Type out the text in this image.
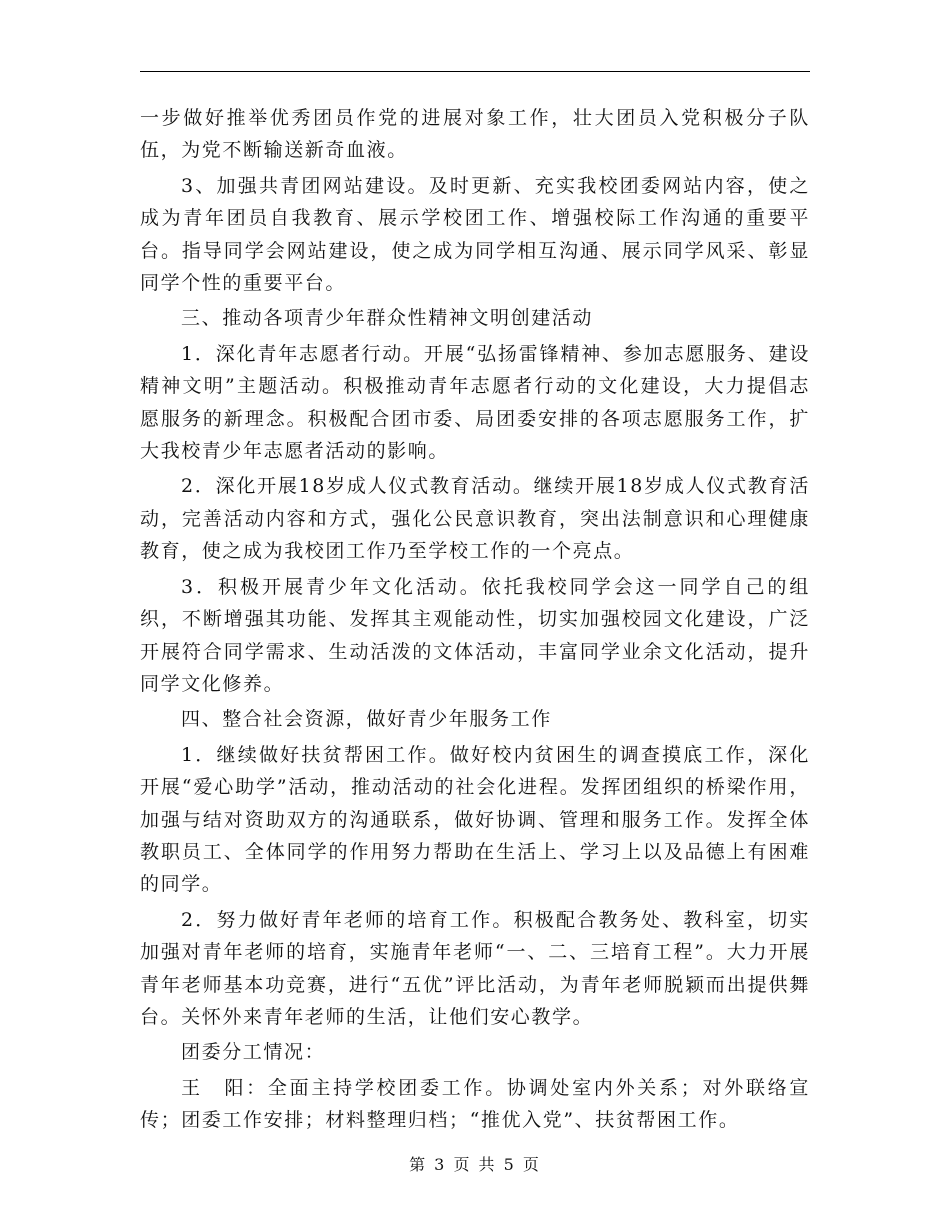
一步做好推举优秀团员作党的进展对象工作，壮大团员入党积极分子队伍，为党不断输送新奇血液。

3、加强共青团网站建设。及时更新、充实我校团委网站内容，使之成为青年团员自我教育、展示学校团工作、增强校际工作沟通的重要平台。指导同学会网站建设，使之成为同学相互沟通、展示同学风采、彰显同学个性的重要平台。

三、推动各项青少年群众性精神文明创建活动

1．深化青年志愿者行动。开展“弘扬雷锋精神、参加志愿服务、建设精神文明”主题活动。积极推动青年志愿者行动的文化建设，大力提倡志愿服务的新理念。积极配合团市委、局团委安排的各项志愿服务工作，扩大我校青少年志愿者活动的影响。

2．深化开展18岁成人仪式教育活动。继续开展18岁成人仪式教育活动，完善活动内容和方式，强化公民意识教育，突出法制意识和心理健康教育，使之成为我校团工作乃至学校工作的一个亮点。

3．积极开展青少年文化活动。依托我校同学会这一同学自己的组织，不断增强其功能、发挥其主观能动性，切实加强校园文化建设，广泛开展符合同学需求、生动活泼的文体活动，丰富同学业余文化活动，提升同学文化修养。

四、整合社会资源，做好青少年服务工作

1．继续做好扶贫帮困工作。做好校内贫困生的调查摸底工作，深化开展“爱心助学”活动，推动活动的社会化进程。发挥团组织的桥梁作用，加强与结对资助双方的沟通联系，做好协调、管理和服务工作。发挥全体教职员工、全体同学的作用努力帮助在生活上、学习上以及品德上有困难的同学。

2．努力做好青年老师的培育工作。积极配合教务处、教科室，切实加强对青年老师的培育，实施青年老师“一、二、三培育工程”。大力开展青年老师基本功竞赛，进行“五优”评比活动，为青年老师脱颖而出提供舞台。关怀外来青年老师的生活，让他们安心教学。

团委分工情况：

王　阳：全面主持学校团委工作。协调处室内外关系；对外联络宣传；团委工作安排；材料整理归档；“推优入党”、扶贫帮困工作。

第 3 页 共 5 页
